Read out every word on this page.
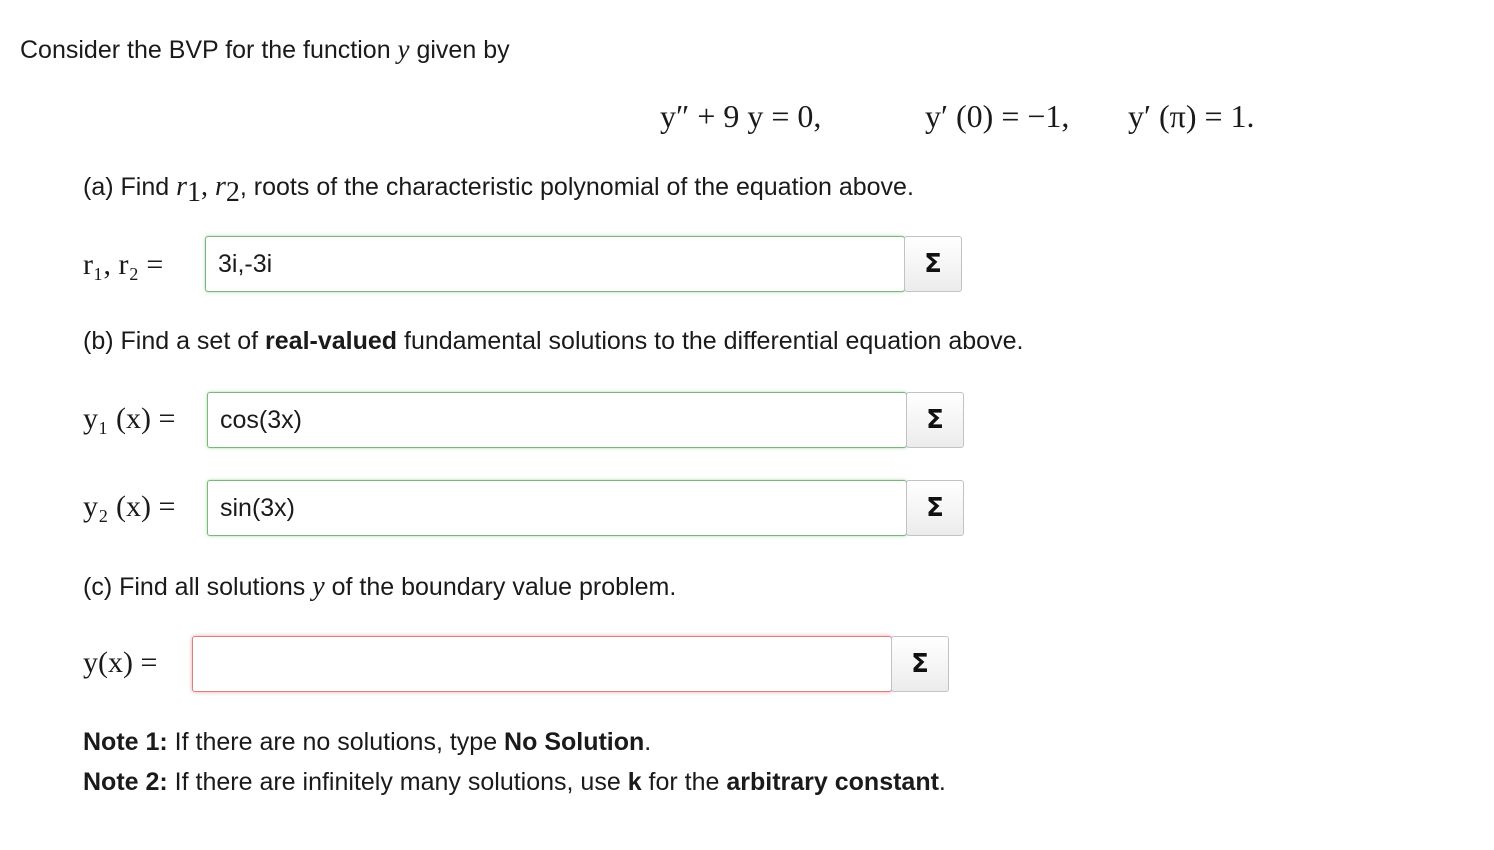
Consider the BVP for the function y given by
y″ + 9 y = 0,	y′ (0) = −1, y′ (π) = 1.
(a) Find r1, r2, roots of the characteristic polynomial of the equation above.
r₁, r₂ =
3i,-3i	Σ
(b) Find a set of real-valued fundamental solutions to the differential equation above.
y₁ (x) =
cos(3x)	Σ
y₂ (x) =
sin(3x)	Σ
(c) Find all solutions y of the boundary value problem.
y(x) =	Σ
Note 1: If there are no solutions, type No Solution.
Note 2: If there are infinitely many solutions, use k for the arbitrary constant.
